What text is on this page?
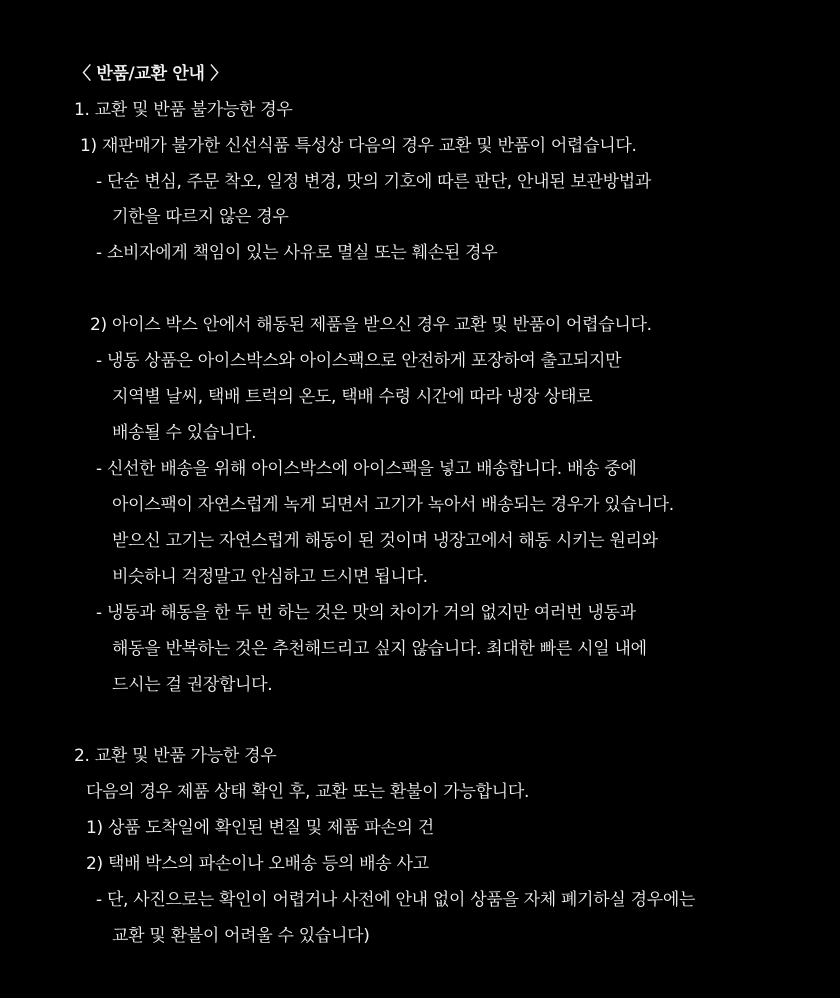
〈 반품/교환 안내 〉
1. 교환 및 반품 불가능한 경우
1) 재판매가 불가한 신선식품 특성상 다음의 경우 교환 및 반품이 어렵습니다.
- 단순 변심, 주문 착오, 일정 변경, 맛의 기호에 따른 판단, 안내된 보관방법과
기한을 따르지 않은 경우
- 소비자에게 책임이 있는 사유로 멸실 또는 훼손된 경우
2) 아이스 박스 안에서 해동된 제품을 받으신 경우 교환 및 반품이 어렵습니다.
- 냉동 상품은 아이스박스와 아이스팩으로 안전하게 포장하여 출고되지만
지역별 날씨, 택배 트럭의 온도, 택배 수령 시간에 따라 냉장 상태로
배송될 수 있습니다.
- 신선한 배송을 위해 아이스박스에 아이스팩을 넣고 배송합니다. 배송 중에
아이스팩이 자연스럽게 녹게 되면서 고기가 녹아서 배송되는 경우가 있습니다.
받으신 고기는 자연스럽게 해동이 된 것이며 냉장고에서 해동 시키는 원리와
비슷하니 걱정말고 안심하고 드시면 됩니다.
- 냉동과 해동을 한 두 번 하는 것은 맛의 차이가 거의 없지만 여러번 냉동과
해동을 반복하는 것은 추천해드리고 싶지 않습니다. 최대한 빠른 시일 내에
드시는 걸 권장합니다.
2. 교환 및 반품 가능한 경우
다음의 경우 제품 상태 확인 후, 교환 또는 환불이 가능합니다.
1) 상품 도착일에 확인된 변질 및 제품 파손의 건
2) 택배 박스의 파손이나 오배송 등의 배송 사고
- 단, 사진으로는 확인이 어렵거나 사전에 안내 없이 상품을 자체 폐기하실 경우에는
교환 및 환불이 어려울 수 있습니다)
